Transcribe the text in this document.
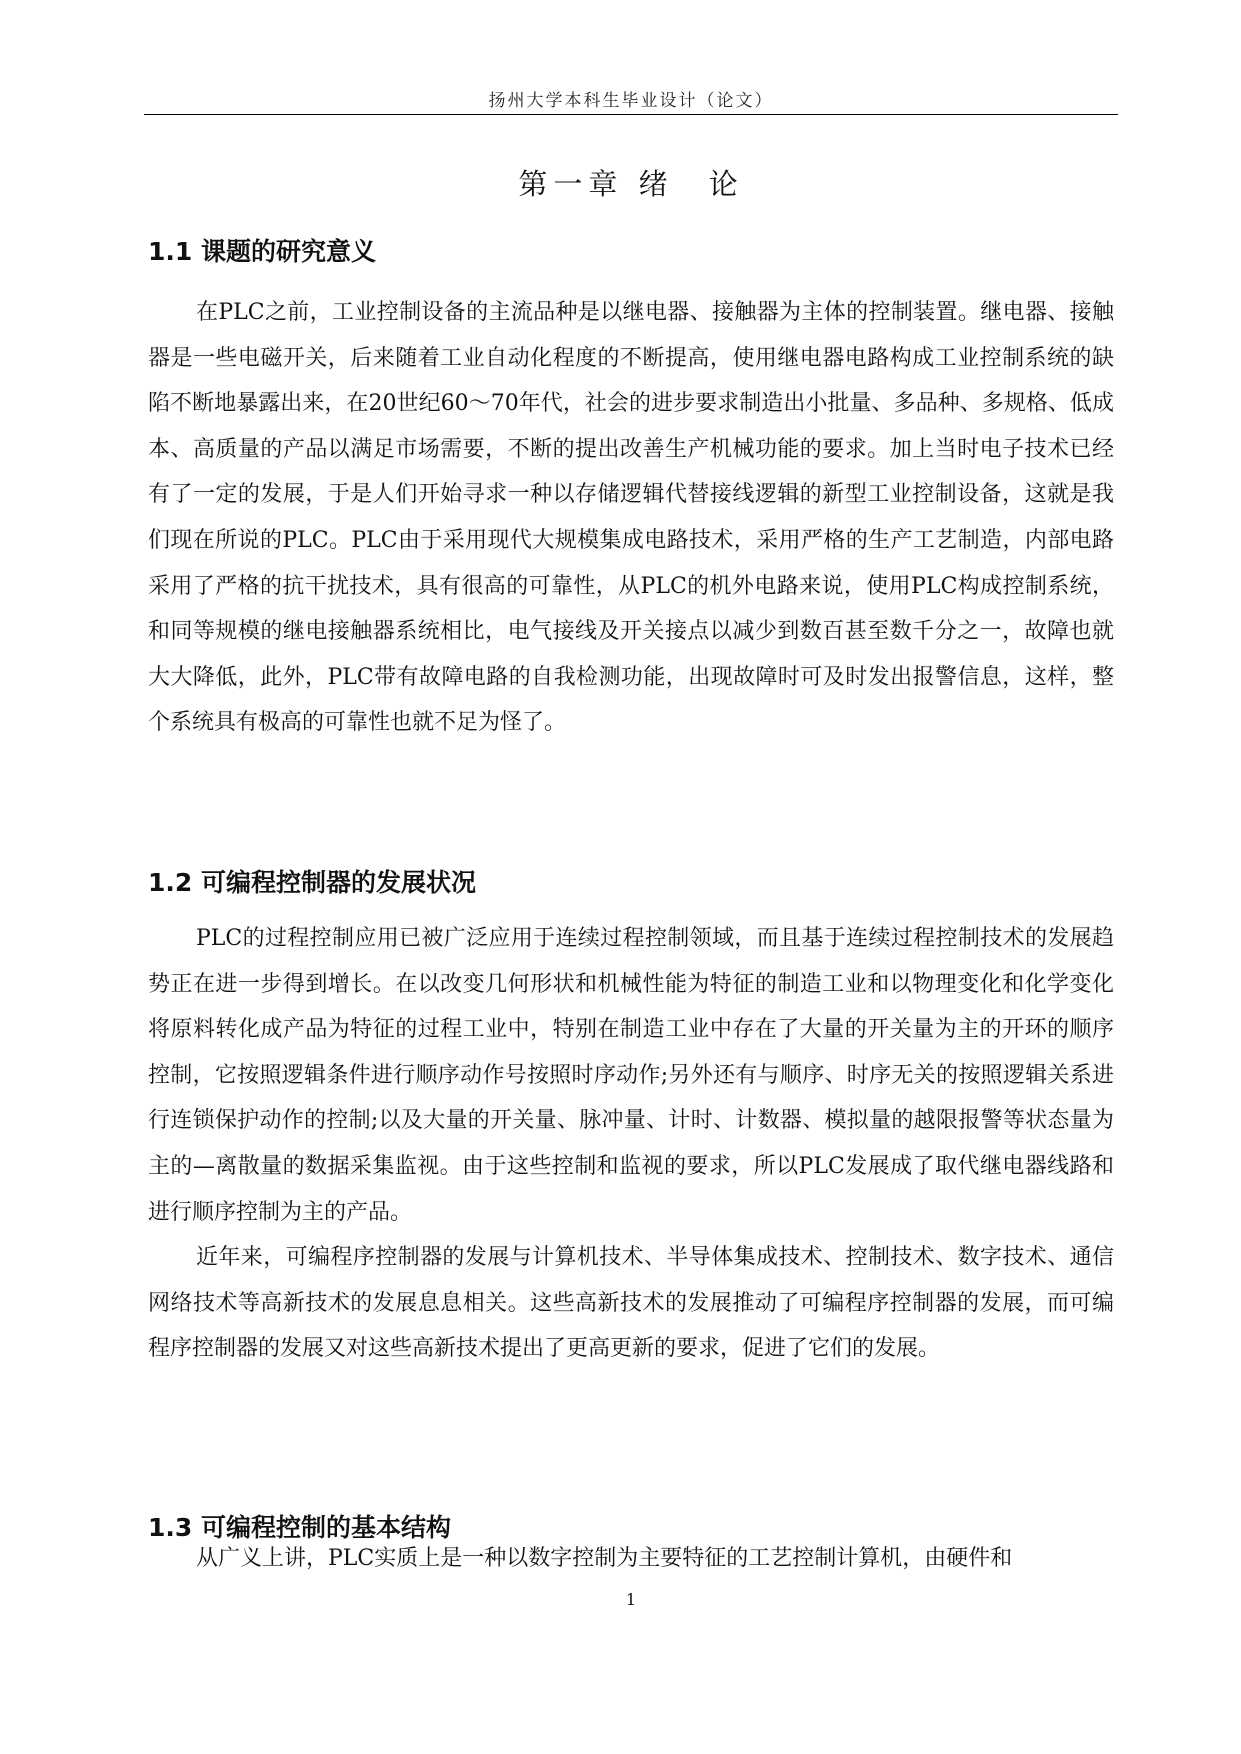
扬州大学本科生毕业设计（论文）
第一章 绪　论
1.1 课题的研究意义

在PLC之前，工业控制设备的主流品种是以继电器、接触器为主体的控制装置。继电器、接触器是一些电磁开关，后来随着工业自动化程度的不断提高，使用继电器电路构成工业控制系统的缺陷不断地暴露出来，在20世纪60～70年代，社会的进步要求制造出小批量、多品种、多规格、低成本、高质量的产品以满足市场需要，不断的提出改善生产机械功能的要求。加上当时电子技术已经有了一定的发展，于是人们开始寻求一种以存储逻辑代替接线逻辑的新型工业控制设备，这就是我们现在所说的PLC。PLC由于采用现代大规模集成电路技术，采用严格的生产工艺制造，内部电路采用了严格的抗干扰技术，具有很高的可靠性，从PLC的机外电路来说，使用PLC构成控制系统，和同等规模的继电接触器系统相比，电气接线及开关接点以减少到数百甚至数千分之一，故障也就大大降低，此外，PLC带有故障电路的自我检测功能，出现故障时可及时发出报警信息，这样，整个系统具有极高的可靠性也就不足为怪了。

1.2 可编程控制器的发展状况

PLC的过程控制应用已被广泛应用于连续过程控制领域，而且基于连续过程控制技术的发展趋势正在进一步得到增长。在以改变几何形状和机械性能为特征的制造工业和以物理变化和化学变化将原料转化成产品为特征的过程工业中，特别在制造工业中存在了大量的开关量为主的开环的顺序控制，它按照逻辑条件进行顺序动作号按照时序动作;另外还有与顺序、时序无关的按照逻辑关系进行连锁保护动作的控制;以及大量的开关量、脉冲量、计时、计数器、模拟量的越限报警等状态量为主的—离散量的数据采集监视。由于这些控制和监视的要求，所以PLC发展成了取代继电器线路和进行顺序控制为主的产品。

近年来，可编程序控制器的发展与计算机技术、半导体集成技术、控制技术、数字技术、通信网络技术等高新技术的发展息息相关。这些高新技术的发展推动了可编程序控制器的发展，而可编程序控制器的发展又对这些高新技术提出了更高更新的要求，促进了它们的发展。

1.3 可编程控制的基本结构

从广义上讲，PLC实质上是一种以数字控制为主要特征的工艺控制计算机，由硬件和

1
